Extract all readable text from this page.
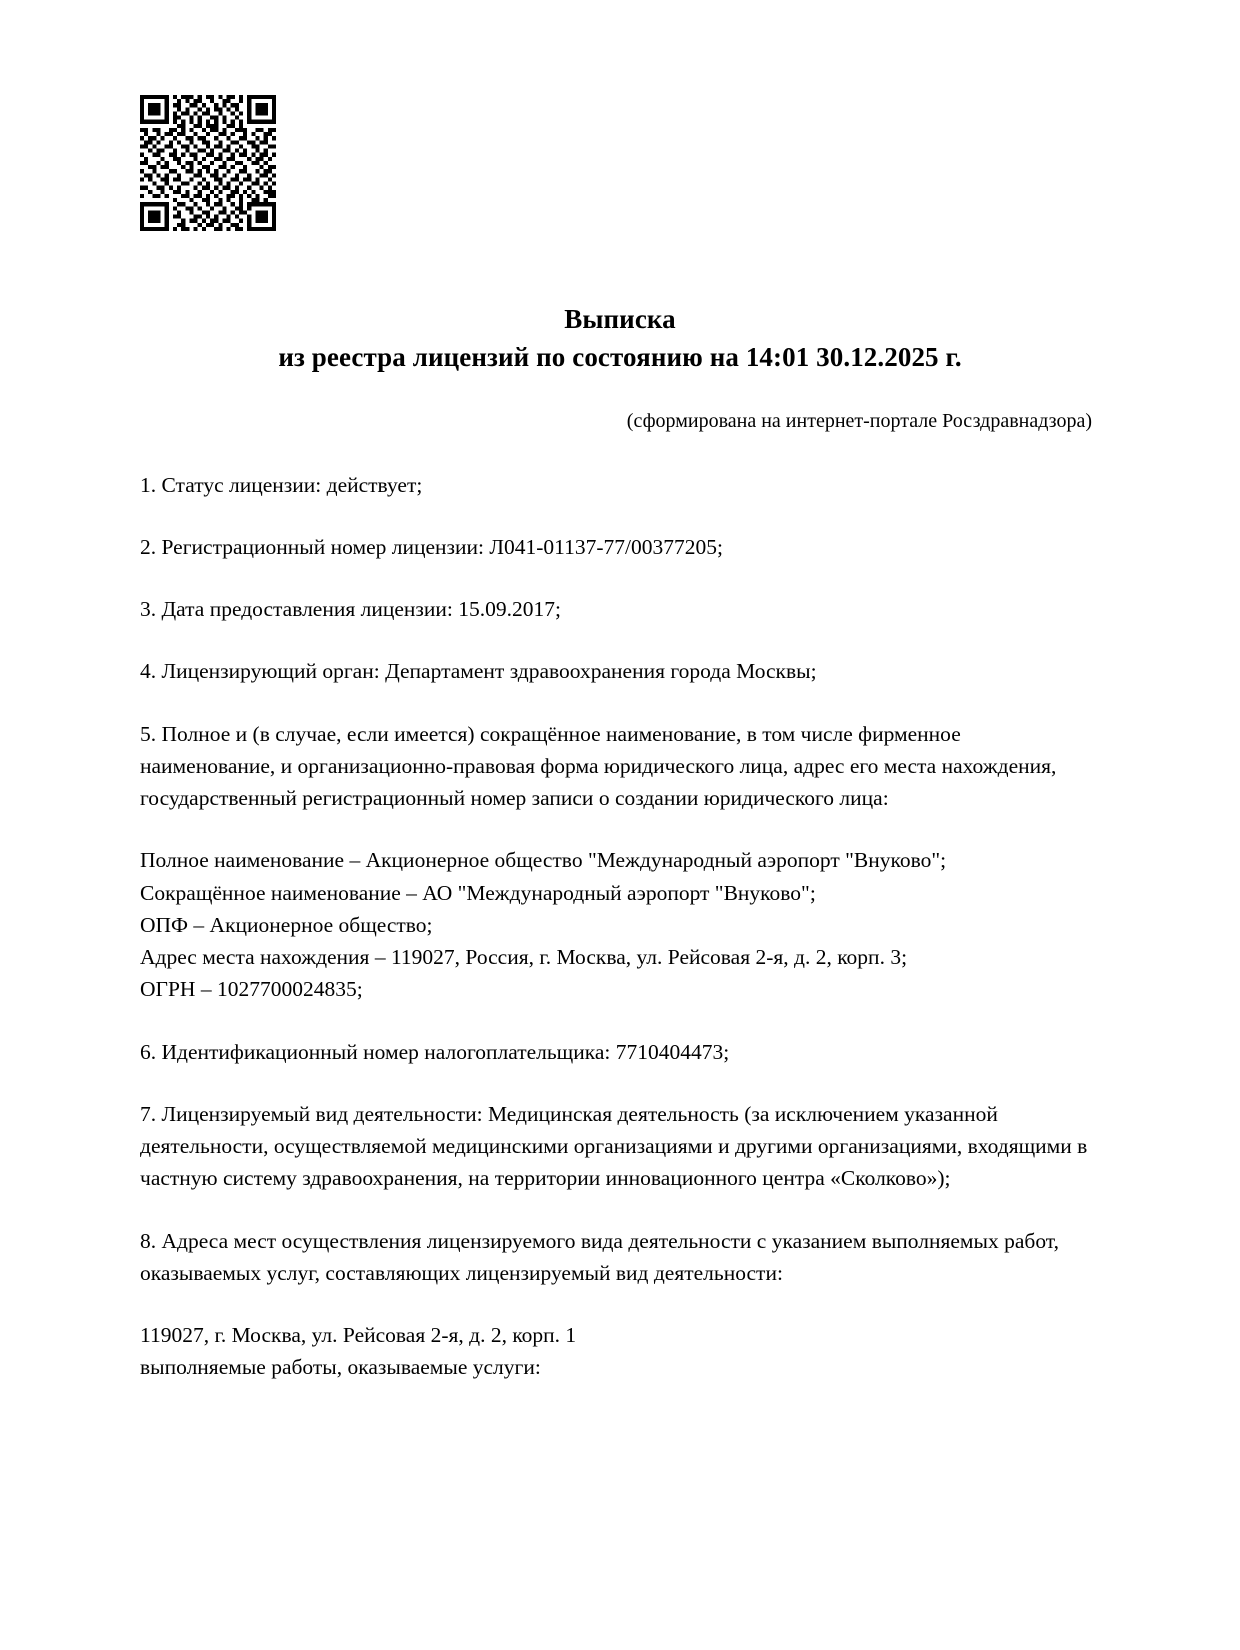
Выписка
из реестра лицензий по состоянию на 14:01 30.12.2025 г.
(сформирована на интернет-портале Росздравнадзора)

1. Статус лицензии: действует;

2. Регистрационный номер лицензии: Л041-01137-77/00377205;

3. Дата предоставления лицензии: 15.09.2017;

4. Лицензирующий орган: Департамент здравоохранения города Москвы;

5. Полное и (в случае, если имеется) сокращённое наименование, в том числе фирменное наименование, и организационно-правовая форма юридического лица, адрес его места нахождения, государственный регистрационный номер записи о создании юридического лица:

Полное наименование – Акционерное общество "Международный аэропорт "Внуково";
Сокращённое наименование – АО "Международный аэропорт "Внуково";
ОПФ – Акционерное общество;
Адрес места нахождения – 119027, Россия, г. Москва, ул. Рейсовая 2-я, д. 2, корп. 3;
ОГРН – 1027700024835;

6. Идентификационный номер налогоплательщика: 7710404473;

7. Лицензируемый вид деятельности: Медицинская деятельность (за исключением указанной деятельности, осуществляемой медицинскими организациями и другими организациями, входящими в частную систему здравоохранения, на территории инновационного центра «Сколково»);

8. Адреса мест осуществления лицензируемого вида деятельности с указанием выполняемых работ, оказываемых услуг, составляющих лицензируемый вид деятельности:

119027, г. Москва, ул. Рейсовая 2-я, д. 2, корп. 1
выполняемые работы, оказываемые услуги:
